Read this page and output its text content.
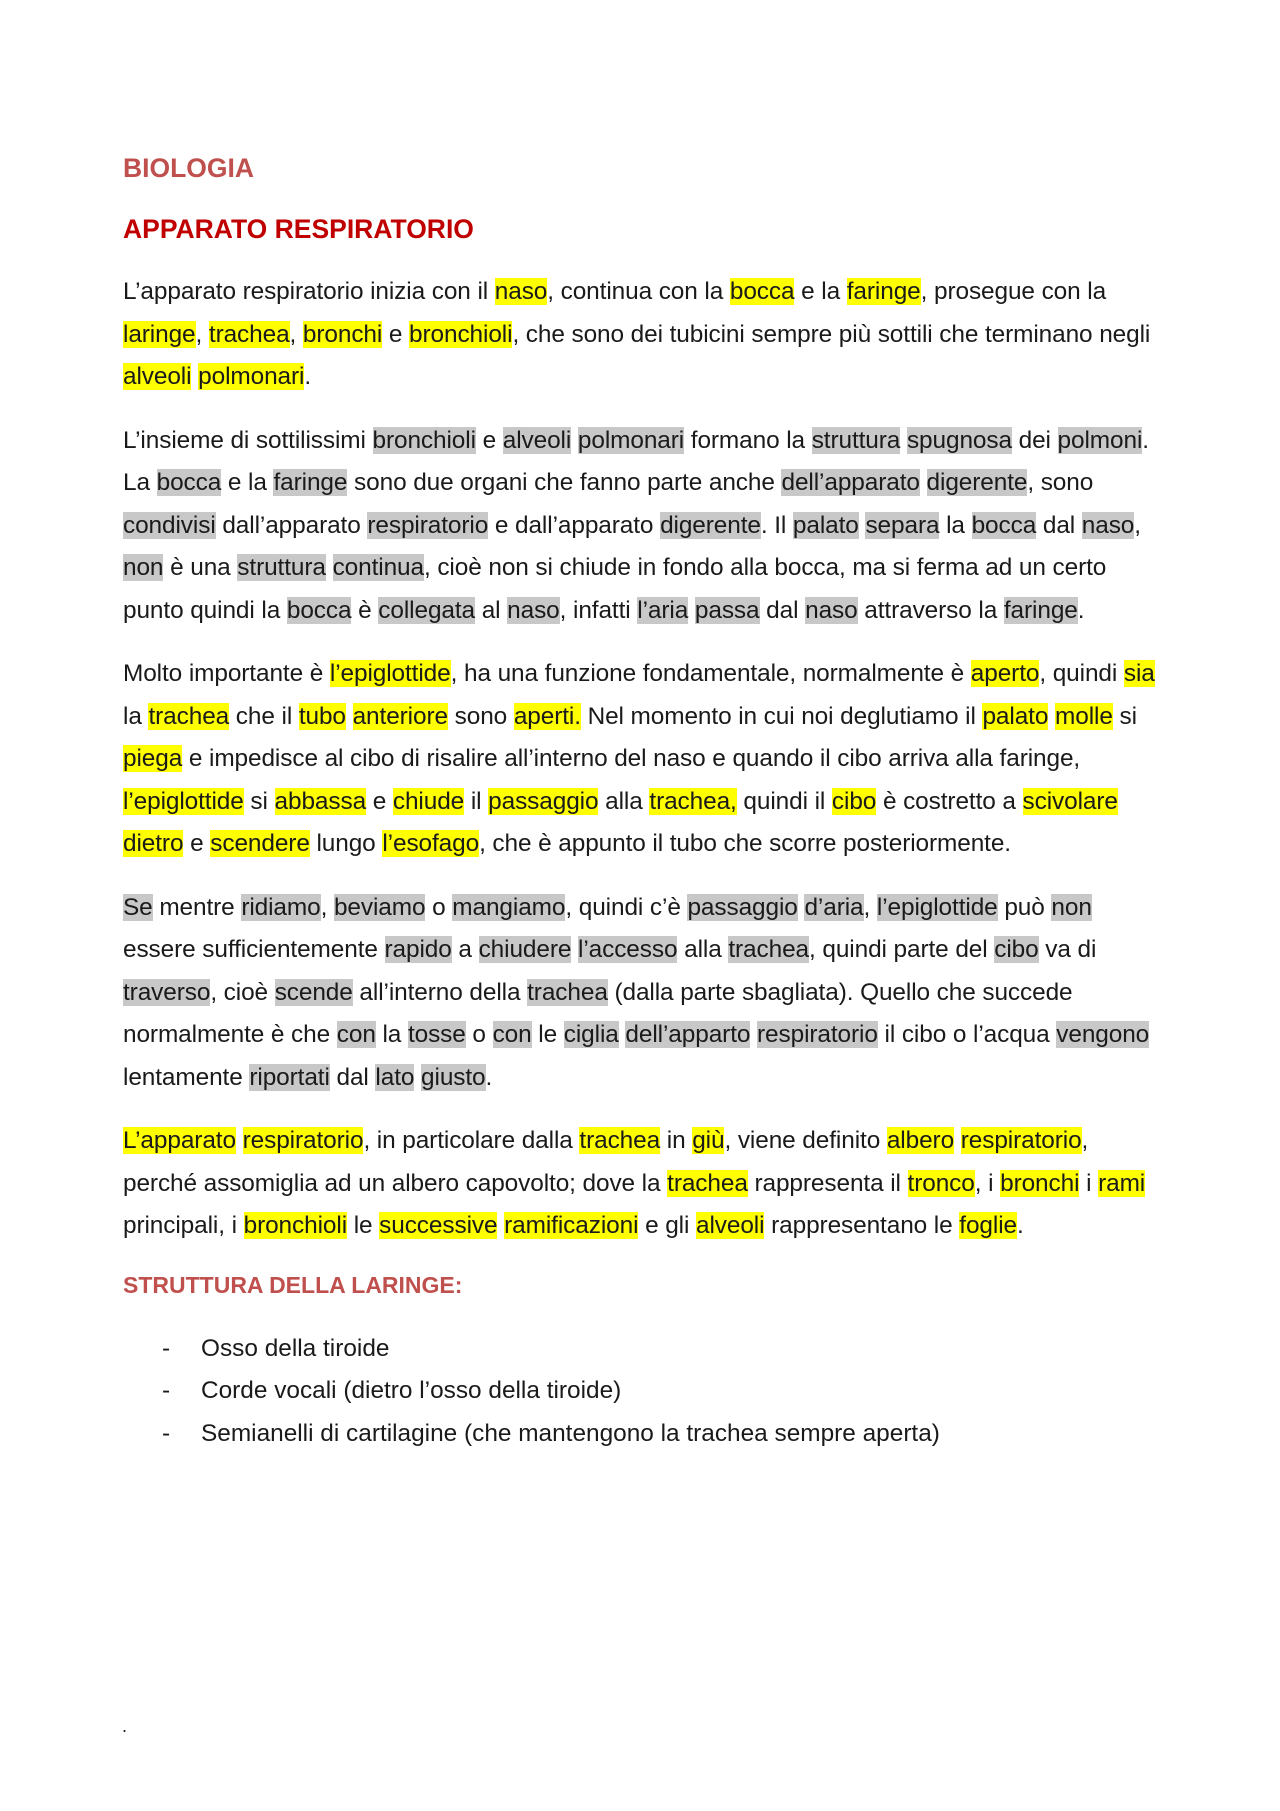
BIOLOGIA
APPARATO RESPIRATORIO

L’apparato respiratorio inizia con il naso, continua con la bocca e la faringe, prosegue con la laringe, trachea, bronchi e bronchioli, che sono dei tubicini sempre più sottili che terminano negli alveoli polmonari.

L’insieme di sottilissimi bronchioli e alveoli polmonari formano la struttura spugnosa dei polmoni. La bocca e la faringe sono due organi che fanno parte anche dell’apparato digerente, sono condivisi dall’apparato respiratorio e dall’apparato digerente. Il palato separa la bocca dal naso, non è una struttura continua, cioè non si chiude in fondo alla bocca, ma si ferma ad un certo punto quindi la bocca è collegata al naso, infatti l’aria passa dal naso attraverso la faringe.

Molto importante è l’epiglottide, ha una funzione fondamentale, normalmente è aperto, quindi sia la trachea che il tubo anteriore sono aperti. Nel momento in cui noi deglutiamo il palato molle si piega e impedisce al cibo di risalire all’interno del naso e quando il cibo arriva alla faringe, l’epiglottide si abbassa e chiude il passaggio alla trachea, quindi il cibo è costretto a scivolare dietro e scendere lungo l’esofago, che è appunto il tubo che scorre posteriormente.

Se mentre ridiamo, beviamo o mangiamo, quindi c’è passaggio d’aria, l’epiglottide può non essere sufficientemente rapido a chiudere l’accesso alla trachea, quindi parte del cibo va di traverso, cioè scende all’interno della trachea (dalla parte sbagliata). Quello che succede normalmente è che con la tosse o con le ciglia dell’apparto respiratorio il cibo o l’acqua vengono lentamente riportati dal lato giusto.

L’apparato respiratorio, in particolare dalla trachea in giù, viene definito albero respiratorio, perché assomiglia ad un albero capovolto; dove la trachea rappresenta il tronco, i bronchi i rami principali, i bronchioli le successive ramificazioni e gli alveoli rappresentano le foglie.

STRUTTURA DELLA LARINGE:
- Osso della tiroide
- Corde vocali (dietro l’osso della tiroide)
- Semianelli di cartilagine (che mantengono la trachea sempre aperta)
.
